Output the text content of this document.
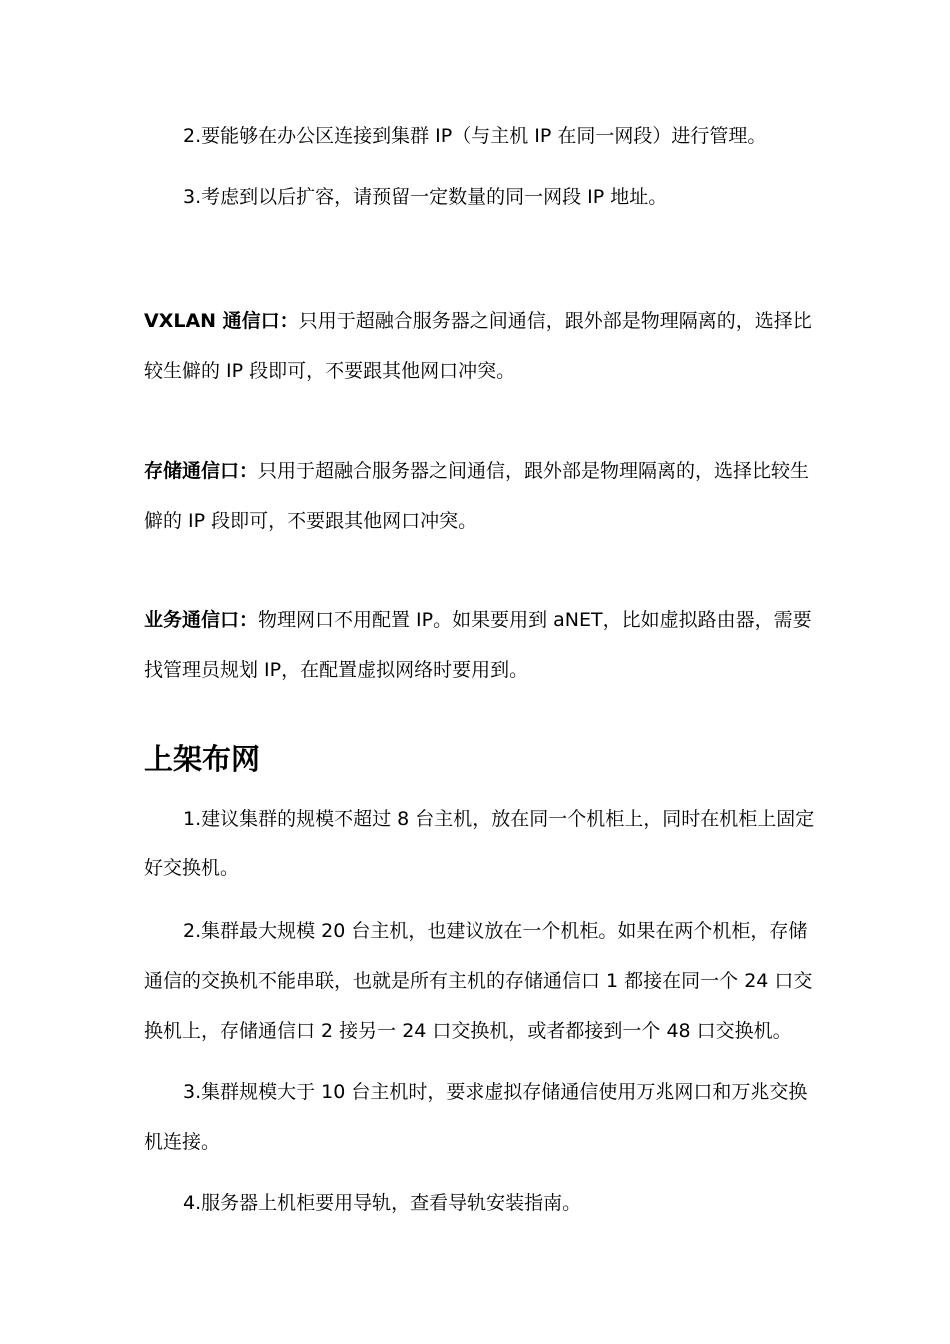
2.要能够在办公区连接到集群 IP（与主机 IP 在同一网段）进行管理。
3.考虑到以后扩容，请预留一定数量的同一网段 IP 地址。
VXLAN 通信口：只用于超融合服务器之间通信，跟外部是物理隔离的，选择比
较生僻的 IP 段即可，不要跟其他网口冲突。
存储通信口：只用于超融合服务器之间通信，跟外部是物理隔离的，选择比较生
僻的 IP 段即可，不要跟其他网口冲突。
业务通信口：物理网口不用配置 IP。如果要用到 aNET，比如虚拟路由器，需要
找管理员规划 IP，在配置虚拟网络时要用到。
上架布网
1.建议集群的规模不超过 8 台主机，放在同一个机柜上，同时在机柜上固定
好交换机。
2.集群最大规模 20 台主机，也建议放在一个机柜。如果在两个机柜，存储
通信的交换机不能串联，也就是所有主机的存储通信口 1 都接在同一个 24 口交
换机上，存储通信口 2 接另一 24 口交换机，或者都接到一个 48 口交换机。
3.集群规模大于 10 台主机时，要求虚拟存储通信使用万兆网口和万兆交换
机连接。
4.服务器上机柜要用导轨，查看导轨安装指南。
